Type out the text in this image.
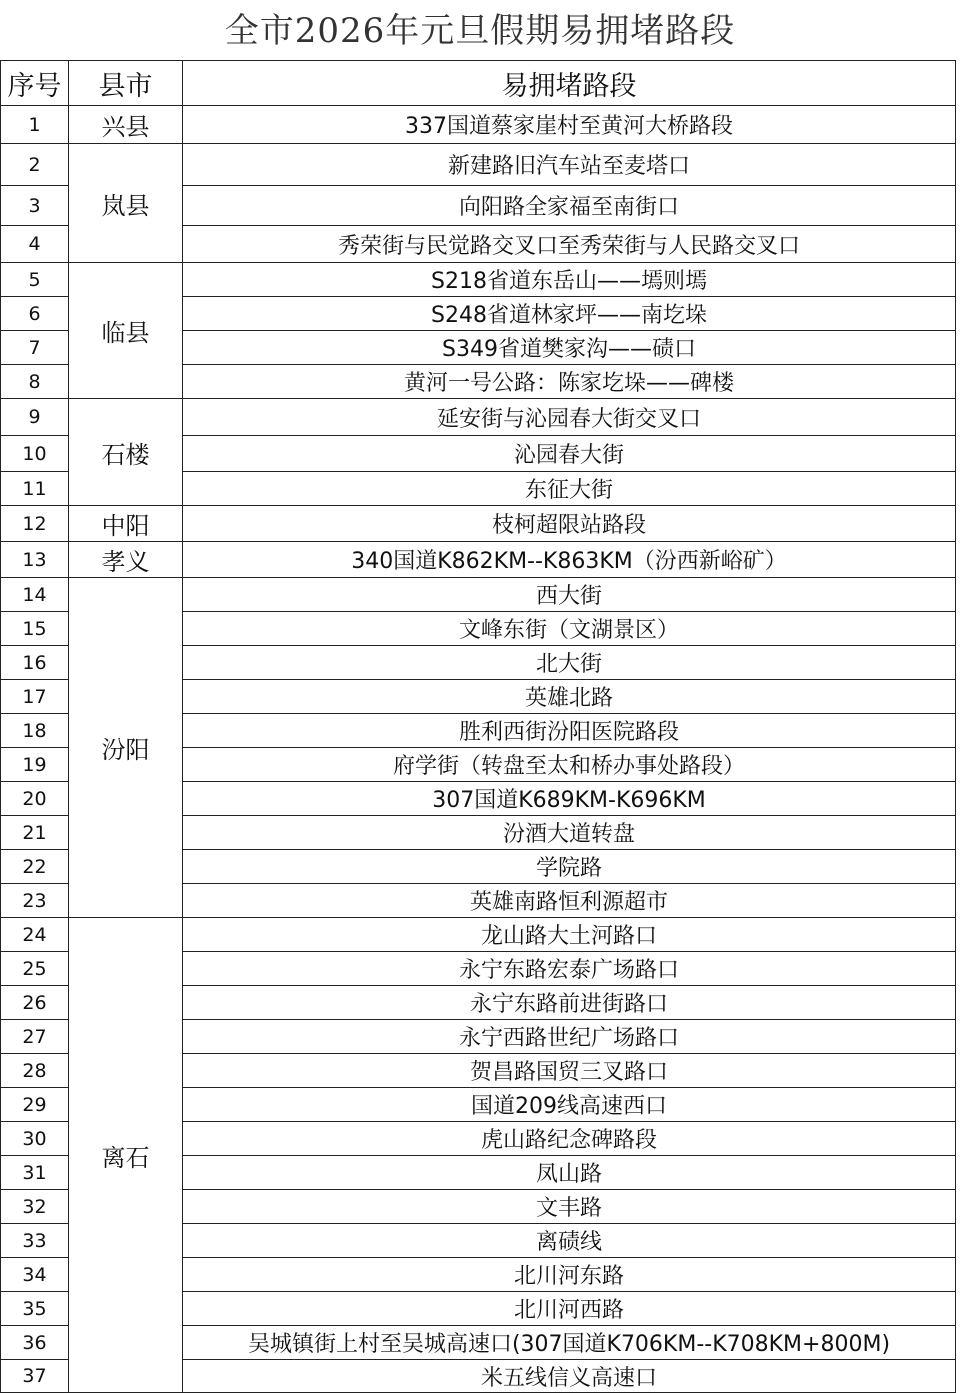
全市2026年元旦假期易拥堵路段
序号	县市	易拥堵路段
1	兴县	337国道蔡家崖村至黄河大桥路段
2	岚县	新建路旧汽车站至麦塔口
3		向阳路全家福至南街口
4		秀荣街与民觉路交叉口至秀荣街与人民路交叉口
5	临县	S218省道东岳山——墕则墕
6		S248省道林家坪——南圪垛
7		S349省道樊家沟——碛口
8		黄河一号公路：陈家圪垛——碑楼
9	石楼	延安街与沁园春大街交叉口
10		沁园春大街
11		东征大街
12	中阳	枝柯超限站路段
13	孝义	340国道K862KM--K863KM（汾西新峪矿）
14	汾阳	西大街
15		文峰东街（文湖景区）
16		北大街
17		英雄北路
18		胜利西街汾阳医院路段
19		府学街（转盘至太和桥办事处路段）
20		307国道K689KM-K696KM
21		汾酒大道转盘
22		学院路
23		英雄南路恒利源超市
24	离石	龙山路大土河路口
25		永宁东路宏泰广场路口
26		永宁东路前进街路口
27		永宁西路世纪广场路口
28		贺昌路国贸三叉路口
29		国道209线高速西口
30		虎山路纪念碑路段
31		凤山路
32		文丰路
33		离碛线
34		北川河东路
35		北川河西路
36		吴城镇街上村至吴城高速口(307国道K706KM--K708KM+800M)
37		米五线信义高速口
